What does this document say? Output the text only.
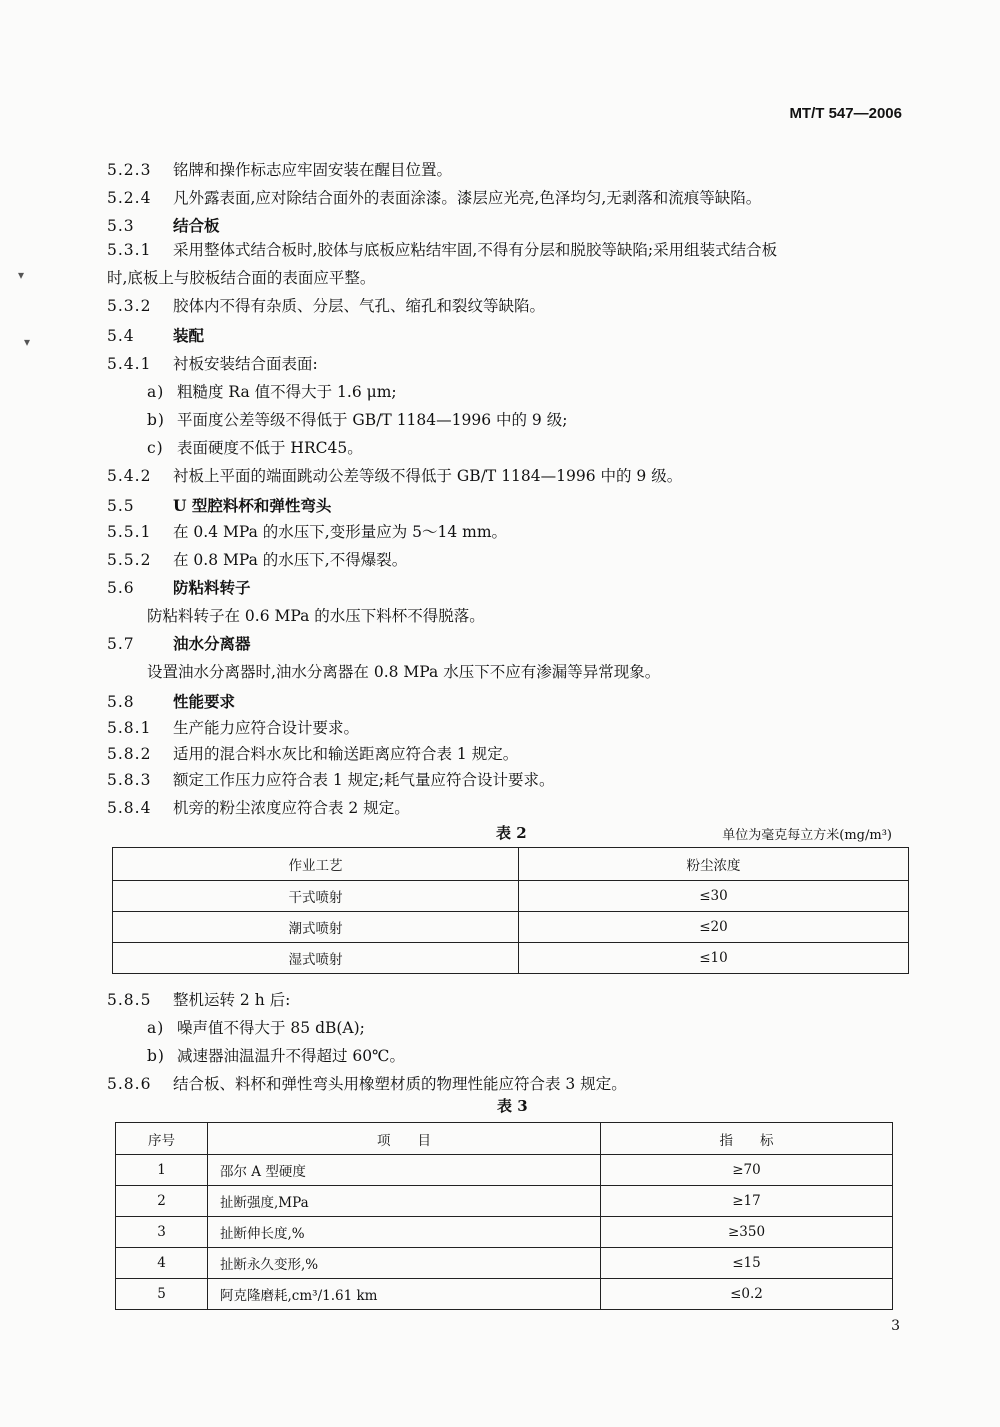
MT/T 547—2006
5.2.3 铭牌和操作标志应牢固安装在醒目位置。
5.2.4 凡外露表面,应对除结合面外的表面涂漆。漆层应光亮,色泽均匀,无剥落和流痕等缺陷。
5.3 结合板
5.3.1 采用整体式结合板时,胶体与底板应粘结牢固,不得有分层和脱胶等缺陷;采用组装式结合板
时,底板上与胶板结合面的表面应平整。
5.3.2 胶体内不得有杂质、分层、气孔、缩孔和裂纹等缺陷。
5.4 装配
5.4.1 衬板安装结合面表面:
a) 粗糙度 Ra 值不得大于 1.6 μm;
b) 平面度公差等级不得低于 GB/T 1184—1996 中的 9 级;
c) 表面硬度不低于 HRC45。
5.4.2 衬板上平面的端面跳动公差等级不得低于 GB/T 1184—1996 中的 9 级。
5.5 U 型腔料杯和弹性弯头
5.5.1 在 0.4 MPa 的水压下,变形量应为 5～14 mm。
5.5.2 在 0.8 MPa 的水压下,不得爆裂。
5.6 防粘料转子
防粘料转子在 0.6 MPa 的水压下料杯不得脱落。
5.7 油水分离器
设置油水分离器时,油水分离器在 0.8 MPa 水压下不应有渗漏等异常现象。
5.8 性能要求
5.8.1 生产能力应符合设计要求。
5.8.2 适用的混合料水灰比和输送距离应符合表 1 规定。
5.8.3 额定工作压力应符合表 1 规定;耗气量应符合设计要求。
5.8.4 机旁的粉尘浓度应符合表 2 规定。
表 2	单位为毫克每立方米(mg/m³)
作业工艺	粉尘浓度
干式喷射	≤30
潮式喷射	≤20
湿式喷射	≤10
5.8.5 整机运转 2 h 后:
a) 噪声值不得大于 85 dB(A);
b) 减速器油温温升不得超过 60℃。
5.8.6 结合板、料杯和弹性弯头用橡塑材质的物理性能应符合表 3 规定。
表 3
序号	项　　目	指　　标
1	邵尔 A 型硬度	≥70
2	扯断强度,MPa	≥17
3	扯断伸长度,%	≥350
4	扯断永久变形,%	≤15
5	阿克隆磨耗,cm³/1.61 km	≤0.2
3
▾
▾
